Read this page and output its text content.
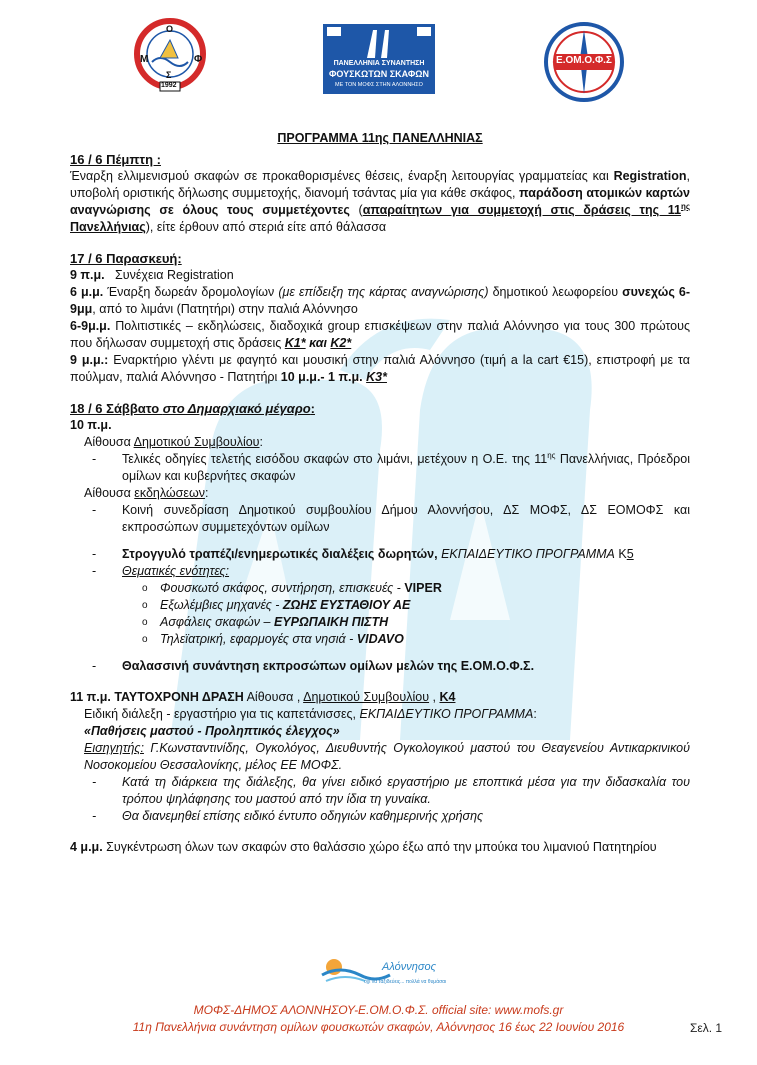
Μ
Ο
Φ
Σ
1992
ΠΑΝΕΛΛΗΝΙΑ ΣΥΝΑΝΤΗΣΗ
ΦΟΥΣΚΩΤΩΝ ΣΚΑΦΩΝ
ΜΕ ΤΟΝ ΜΟΦΣ ΣΤΗΝ ΑΛΟΝΝΗΣΟ
Ε.ΟΜ.Ο.Φ.Σ
ΠΡΟΓΡΑΜΜΑ 11ης ΠΑΝΕΛΛΗΝΙΑΣ
16 / 6 Πέμπτη :
Έναρξη ελλιμενισμού σκαφών σε προκαθορισμένες θέσεις, έναρξη λειτουργίας γραμματείας και Registration, υποβολή οριστικής δήλωσης συμμετοχής, διανομή τσάντας μία για κάθε σκάφος, παράδοση ατομικών καρτών αναγνώρισης σε όλους τους συμμετέχοντες (απαραίτητων για συμμετοχή στις δράσεις της $11^{\eta\varsigma}$ Πανελλήνιας), είτε έρθουν από στεριά είτε από θάλασσα
17 / 6 Παρασκευή:
9 π.μ. Συνέχεια Registration
6 μ.μ. Έναρξη δωρεάν δρομολογίων (με επίδειξη της κάρτας αναγνώρισης) δημοτικού λεωφορείου συνεχώς 6-9μμ, από το λιμάνι (Πατητήρι) στην παλιά Αλόννησο
6-9μ.μ. Πολιτιστικές – εκδηλώσεις, διαδοχικά group επισκέψεων στην παλιά Αλόννησο για τους 300 πρώτους που δήλωσαν συμμετοχή στις δράσεις Κ1* και Κ2*
9 μ.μ.: Εναρκτήριο γλέντι με φαγητό και μουσική στην παλιά Αλόννησο (τιμή a la cart €15), επιστροφή με τα πούλμαν, παλιά Αλόννησο - Πατητήρι 10 μ.μ.- 1 π.μ. Κ3*
18 / 6 Σάββατο στο Δημαρχιακό μέγαρο:
10 π.μ.
Αίθουσα Δημοτικού Συμβουλίου:
-	Τελικές οδηγίες τελετής εισόδου σκαφών στο λιμάνι, μετέχουν η Ο.Ε. της $11^{\eta\varsigma}$ Πανελλήνιας, Πρόεδροι ομίλων και κυβερνήτες σκαφών
Αίθουσα εκδηλώσεων:
-	Κοινή συνεδρίαση Δημοτικού συμβουλίου Δήμου Αλοννήσου, ΔΣ ΜΟΦΣ, ΔΣ ΕΟΜΟΦΣ και εκπροσώπων συμμετεχόντων ομίλων
-	Στρογγυλό τραπέζι/ενημερωτικές διαλέξεις δωρητών, ΕΚΠΑΙΔΕΥΤΙΚΟ ΠΡΟΓΡΑΜΜΑ Κ5
-	Θεματικές ενότητες:
o Φουσκωτό σκάφος, συντήρηση, επισκευές - VIPER
o Εξωλέμβιες μηχανές - ΖΩΗΣ ΕΥΣΤΑΘΙΟΥ ΑΕ
o Ασφάλεις σκαφών – ΕΥΡΩΠΑΙΚΗ ΠΙΣΤΗ
o Τηλεϊατρική, εφαρμογές στα νησιά - VIDAVO
-	Θαλασσινή συνάντηση εκπροσώπων ομίλων μελών της Ε.ΟΜ.Ο.Φ.Σ.
11 π.μ. ΤΑΥΤΟΧΡΟΝΗ ΔΡΑΣΗ Αίθουσα , Δημοτικού Συμβουλίου , Κ4
Ειδική διάλεξη - εργαστήριο για τις καπετάνισσες, ΕΚΠΑΙΔΕΥΤΙΚΟ ΠΡΟΓΡΑΜΜΑ:
«Παθήσεις μαστού - Προληπτικός έλεγχος»
Εισηγητής: Γ.Κωνσταντινίδης, Ογκολόγος, Διευθυντής Ογκολογικού μαστού του Θεαγενείου Αντικαρκινικού Νοσοκομείου Θεσσαλονίκης, μέλος ΕΕ ΜΟΦΣ.
-	Κατά τη διάρκεια της διάλεξης, θα γίνει ειδικό εργαστήριο με εποπτικά μέσα για την διδασκαλία του τρόπου ψηλάφησης του μαστού από την ίδια τη γυναίκα.
-	Θα διανεμηθεί επίσης ειδικό έντυπο οδηγιών καθημερινής χρήσης
4 μ.μ. Συγκέντρωση όλων των σκαφών στο θαλάσσιο χώρο έξω από την μπούκα του λιμανιού Πατητηρίου
Αλόννησος
όχι να ταξιδεύεις... πολλά να θυμάσαι
ΜΟΦΣ-ΔΗΜΟΣ ΑΛΟΝΝΗΣΟΥ-Ε.ΟΜ.Ο.Φ.Σ. official site: www.mofs.gr
11η Πανελλήνια συνάντηση ομίλων φουσκωτών σκαφών, Αλόννησος 16 έως 22 Ιουνίου 2016	Σελ. 1
